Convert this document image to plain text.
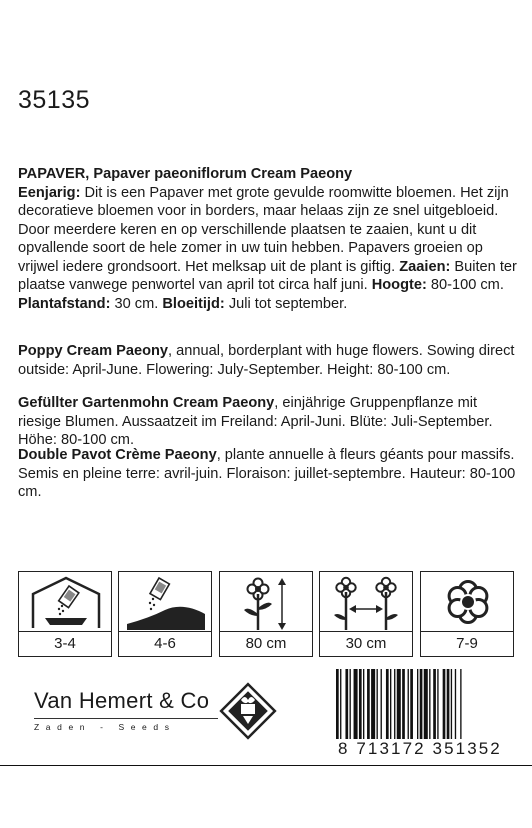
35135

PAPAVER, Papaver paeoniflorum Cream Paeony
Eenjarig: Dit is een Papaver met grote gevulde roomwitte bloemen. Het zijn decoratieve bloemen voor in borders, maar helaas zijn ze snel uitgebloeid. Door meerdere keren en op verschillende plaatsen te zaaien, kunt u dit opvallende soort de hele zomer in uw tuin hebben. Papavers groeien op vrijwel iedere grondsoort. Het melksap uit de plant is giftig. Zaaien: Buiten ter plaatse vanwege penwortel van april tot circa half juni. Hoogte: 80-100 cm. Plantafstand: 30 cm. Bloeitijd: Juli tot september.

Poppy Cream Paeony, annual, borderplant with huge flowers. Sowing direct outside: April-June. Flowering: July-September. Height: 80-100 cm.

Gefüllter Gartenmohn Cream Paeony, einjährige Gruppenpflanze mit riesige Blumen. Aussaatzeit im Freiland: April-Juni. Blüte: Juli-September. Höhe: 80-100 cm.

Double Pavot Crème Paeony, plante annuelle à fleurs géants pour massifs. Semis en pleine terre: avril-juin. Floraison: juillet-septembre. Hauteur: 80-100 cm.

3-4	4-6	80 cm	30 cm	7-9
Van Hemert & Co
Zaden - Seeds
8 713172 351352
